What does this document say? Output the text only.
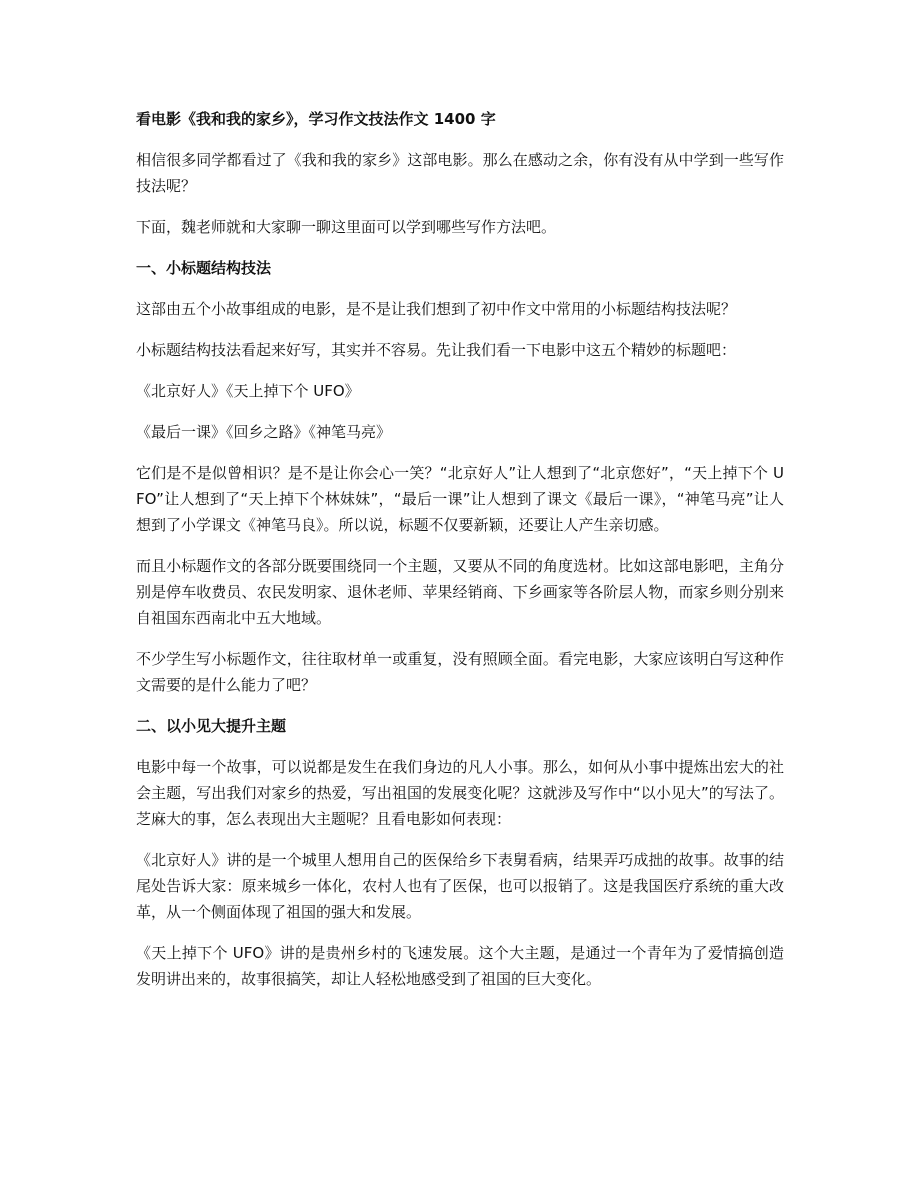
看电影《我和我的家乡》，学习作文技法作文 1400 字

相信很多同学都看过了《我和我的家乡》这部电影。那么在感动之余，你有没有从中学到一些写作技法呢？

下面，魏老师就和大家聊一聊这里面可以学到哪些写作方法吧。

一、小标题结构技法

这部由五个小故事组成的电影，是不是让我们想到了初中作文中常用的小标题结构技法呢？

小标题结构技法看起来好写，其实并不容易。先让我们看一下电影中这五个精妙的标题吧：

《北京好人》《天上掉下个 UFO》

《最后一课》《回乡之路》《神笔马亮》

它们是不是似曾相识？是不是让你会心一笑？“北京好人”让人想到了“北京您好”，“天上掉下个 UFO”让人想到了“天上掉下个林妹妹”，“最后一课”让人想到了课文《最后一课》，“神笔马亮”让人想到了小学课文《神笔马良》。所以说，标题不仅要新颖，还要让人产生亲切感。

而且小标题作文的各部分既要围绕同一个主题，又要从不同的角度选材。比如这部电影吧，主角分别是停车收费员、农民发明家、退休老师、苹果经销商、下乡画家等各阶层人物，而家乡则分别来自祖国东西南北中五大地域。

不少学生写小标题作文，往往取材单一或重复，没有照顾全面。看完电影，大家应该明白写这种作文需要的是什么能力了吧？

二、以小见大提升主题

电影中每一个故事，可以说都是发生在我们身边的凡人小事。那么，如何从小事中提炼出宏大的社会主题，写出我们对家乡的热爱，写出祖国的发展变化呢？这就涉及写作中“以小见大”的写法了。芝麻大的事，怎么表现出大主题呢？且看电影如何表现：

《北京好人》讲的是一个城里人想用自己的医保给乡下表舅看病，结果弄巧成拙的故事。故事的结尾处告诉大家：原来城乡一体化，农村人也有了医保，也可以报销了。这是我国医疗系统的重大改革，从一个侧面体现了祖国的强大和发展。

《天上掉下个 UFO》讲的是贵州乡村的飞速发展。这个大主题，是通过一个青年为了爱情搞创造发明讲出来的，故事很搞笑，却让人轻松地感受到了祖国的巨大变化。
